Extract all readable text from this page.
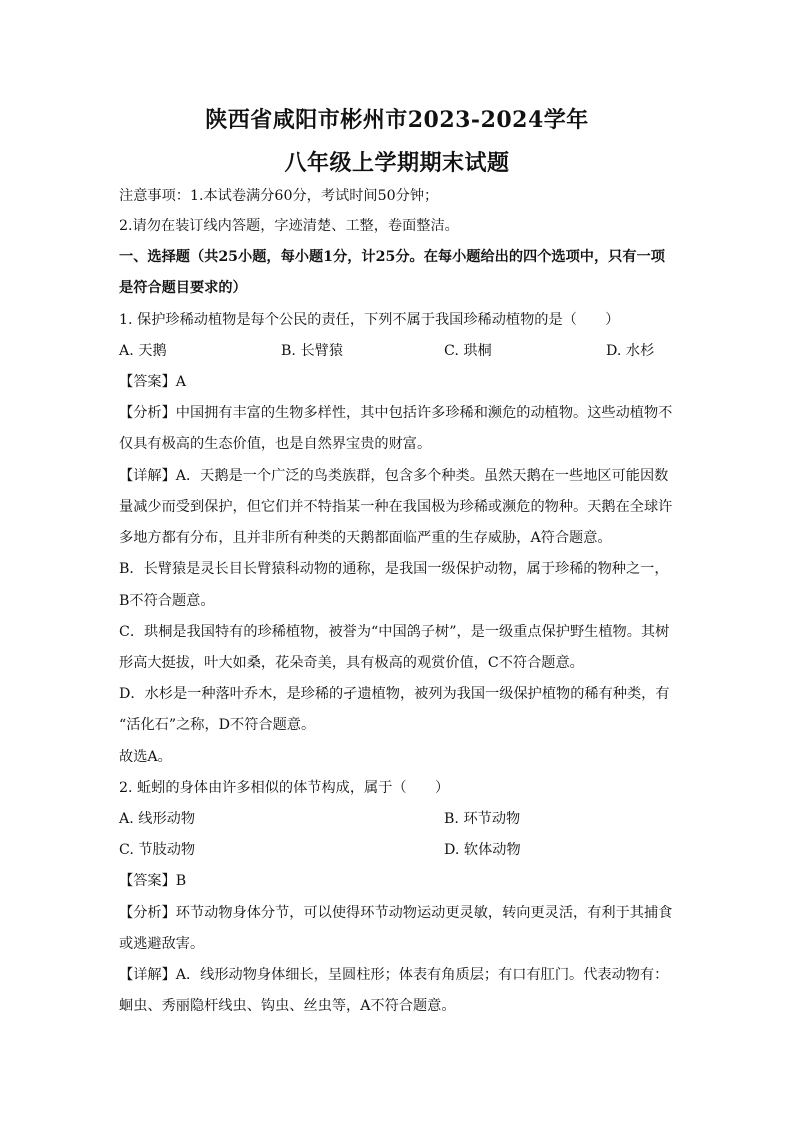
陕西省咸阳市彬州市2023-2024学年
八年级上学期期末试题
注意事项：1.本试卷满分60分，考试时间50分钟；
2.请勿在装订线内答题，字迹清楚、工整，卷面整洁。
一、选择题（共25小题，每小题1分，计25分。在每小题给出的四个选项中，只有一项
是符合题目要求的）
1. 保护珍稀动植物是每个公民的责任，下列不属于我国珍稀动植物的是（　　）
A. 天鹅	B. 长臂猿	C. 珙桐	D. 水杉
【答案】A
【分析】中国拥有丰富的生物多样性，其中包括许多珍稀和濒危的动植物。这些动植物不
仅具有极高的生态价值，也是自然界宝贵的财富。
【详解】A．天鹅是一个广泛的鸟类族群，包含多个种类。虽然天鹅在一些地区可能因数
量减少而受到保护，但它们并不特指某一种在我国极为珍稀或濒危的物种。天鹅在全球许
多地方都有分布，且并非所有种类的天鹅都面临严重的生存威胁，A符合题意。
B．长臂猿是灵长目长臂猿科动物的通称，是我国一级保护动物，属于珍稀的物种之一，
B不符合题意。
C．珙桐是我国特有的珍稀植物，被誉为“中国鸽子树”，是一级重点保护野生植物。其树
形高大挺拔，叶大如桑，花朵奇美，具有极高的观赏价值，C不符合题意。
D．水杉是一种落叶乔木，是珍稀的孑遗植物，被列为我国一级保护植物的稀有种类，有
“活化石”之称，D不符合题意。
故选A。
2. 蚯蚓的身体由许多相似的体节构成，属于（　　）
A. 线形动物	B. 环节动物
C. 节肢动物	D. 软体动物
【答案】B
【分析】环节动物身体分节，可以使得环节动物运动更灵敏，转向更灵活，有利于其捕食
或逃避敌害。
【详解】A．线形动物身体细长，呈圆柱形；体表有角质层；有口有肛门。代表动物有：
蛔虫、秀丽隐杆线虫、钩虫、丝虫等，A不符合题意。
